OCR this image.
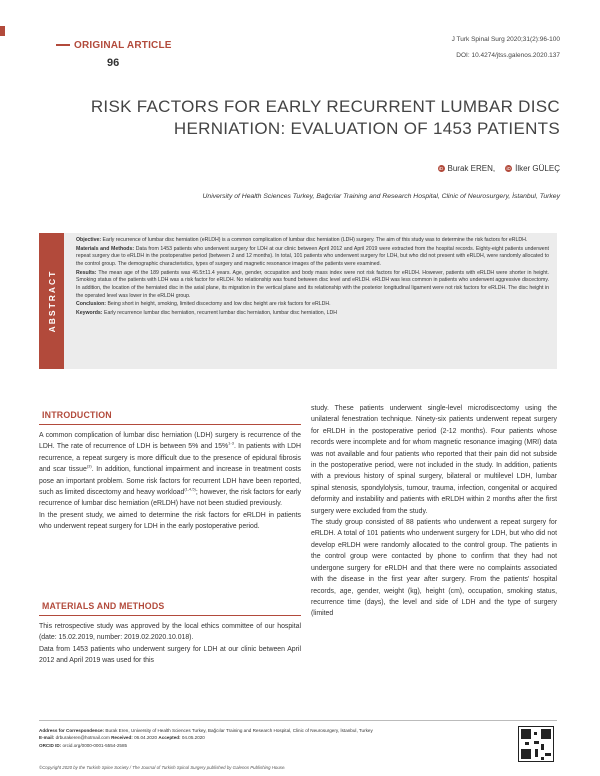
ORIGINAL ARTICLE
96
J Turk Spinal Surg 2020;31(2):96-100
DOI: 10.4274/jtss.galenos.2020.137
RISK FACTORS FOR EARLY RECURRENT LUMBAR DISC HERNIATION: EVALUATION OF 1453 PATIENTS
iD Burak EREN,	iD İlker GÜLEÇ
University of Health Sciences Turkey, Bağcılar Training and Research Hospital, Clinic of Neurosurgery, İstanbul, Turkey
ABSTRACT

Objective: Early recurrence of lumbar disc herniation (eRLDH) is a common complication of lumbar disc herniation (LDH) surgery. The aim of this study was to determine the risk factors for eRLDH.

Materials and Methods: Data from 1453 patients who underwent surgery for LDH at our clinic between April 2012 and April 2019 were extracted from the hospital records. Eighty-eight patients underwent repeat surgery due to eRLDH in the postoperative period (between 2 and 12 months). In total, 101 patients who underwent surgery for LDH, but who did not present with eRLDH, were randomly allocated to the control group. The demographic characteristics, types of surgery and magnetic resonance images of the patients were examined.

Results: The mean age of the 189 patients was 46.5±11.4 years. Age, gender, occupation and body mass index were not risk factors for eRLDH. However, patients with eRLDH were shorter in height. Smoking status of the patients with LDH was a risk factor for eRLDH. No relationship was found between disc level and eRLDH. eRLDH was less common in patients who underwent aggressive discectomy. In addition, the location of the herniated disc in the axial plane, its migration in the vertical plane and its relationship with the posterior longitudinal ligament were not risk factors for eRLDH. The disc height in the operated level was lower in the eRLDH group.

Conclusion: Being short in height, smoking, limited discectomy and low disc height are risk factors for eRLDH.

Keywords: Early recurrence lumbar disc herniation, recurrent lumbar disc herniation, lumbar disc herniation, LDH

INTRODUCTION

A common complication of lumbar disc herniation (LDH) surgery is recurrence of the LDH. The rate of recurrence of LDH is between 5% and 15%$^{1-3}$. In patients with LDH recurrence, a repeat surgery is more difficult due to the presence of epidural fibrosis and scar tissue$^{(3)}$. In addition, functional impairment and increase in treatment costs pose an important problem. Some risk factors for recurrent LDH have been reported, such as limited discectomy and heavy workload$^{(1,4,5)}$; however, the risk factors for early recurrence of lumbar disc herniation (eRLDH) have not been studied previously.

In the present study, we aimed to determine the risk factors for eRLDH in patients who underwent repeat surgery for LDH in the early postoperative period.

MATERIALS AND METHODS

This retrospective study was approved by the local ethics committee of our hospital (date: 15.02.2019, number: 2019.02.2020.10.018).

Data from 1453 patients who underwent surgery for LDH at our clinic between April 2012 and April 2019 was used for this

study. These patients underwent single-level microdiscectomy using the unilateral fenestration technique. Ninety-six patients underwent repeat surgery for eRLDH in the postoperative period (2-12 months). Four patients whose records were incomplete and for whom magnetic resonance imaging (MRI) data was not available and four patients who reported that their pain did not subside in the postoperative period, were not included in the study. In addition, patients with a previous history of spinal surgery, bilateral or multilevel LDH, lumbar spinal stenosis, spondylolysis, tumour, trauma, infection, congenital or acquired deformity and instability and patients with eRLDH within 2 months after the first surgery were excluded from the study.

The study group consisted of 88 patients who underwent a repeat surgery for eRLDH. A total of 101 patients who underwent surgery for LDH, but who did not develop eRLDH were randomly allocated to the control group. The patients in the control group were contacted by phone to confirm that they had not undergone surgery for eRLDH and that there were no complaints associated with the disease in the first year after surgery. From the patients' hospital records, age, gender, weight (kg), height (cm), occupation, smoking status, recurrence time (days), the level and side of LDH and the type of surgery (limited

Address for Correspondence: Burak Eren, University of Health Sciences Turkey, Bağcılar Training and Research Hospital, Clinic of Neurosurgery, İstanbul, Turkey
E-mail: drburakeren@hotmail.com Received: 06.04.2020 Accepted: 04.05.2020
ORCID ID: orcid.org/0000-0001-5554-2585
©Copyright 2020 by the Turkish Spine Society / The Journal of Turkish Spinal Surgery published by Galenos Publishing House.
